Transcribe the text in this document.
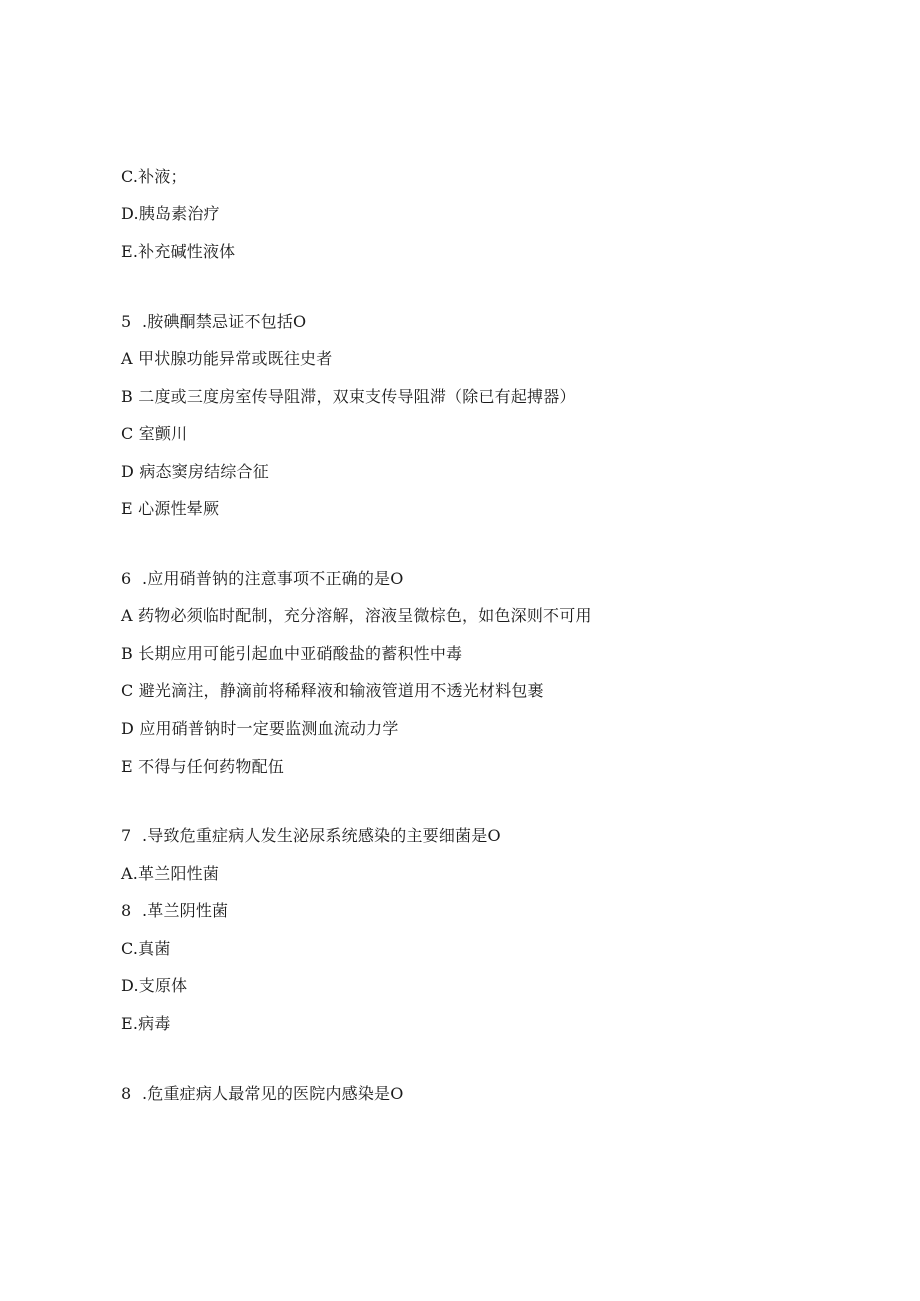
C.补液；
D.胰岛素治疗
E.补充碱性液体
5  .胺碘酮禁忌证不包括O
A 甲状腺功能异常或既往史者
B 二度或三度房室传导阻滞，双束支传导阻滞（除已有起搏器）
C 室颤川
D 病态窦房结综合征
E 心源性晕厥
6  .应用硝普钠的注意事项不正确的是O
A 药物必须临时配制，充分溶解，溶液呈微棕色，如色深则不可用
B 长期应用可能引起血中亚硝酸盐的蓄积性中毒
C 避光滴注，静滴前将稀释液和输液管道用不透光材料包裹
D 应用硝普钠时一定要监测血流动力学
E 不得与任何药物配伍
7  .导致危重症病人发生泌尿系统感染的主要细菌是O
A.革兰阳性菌
8  .革兰阴性菌
C.真菌
D.支原体
E.病毒
8  .危重症病人最常见的医院内感染是O
